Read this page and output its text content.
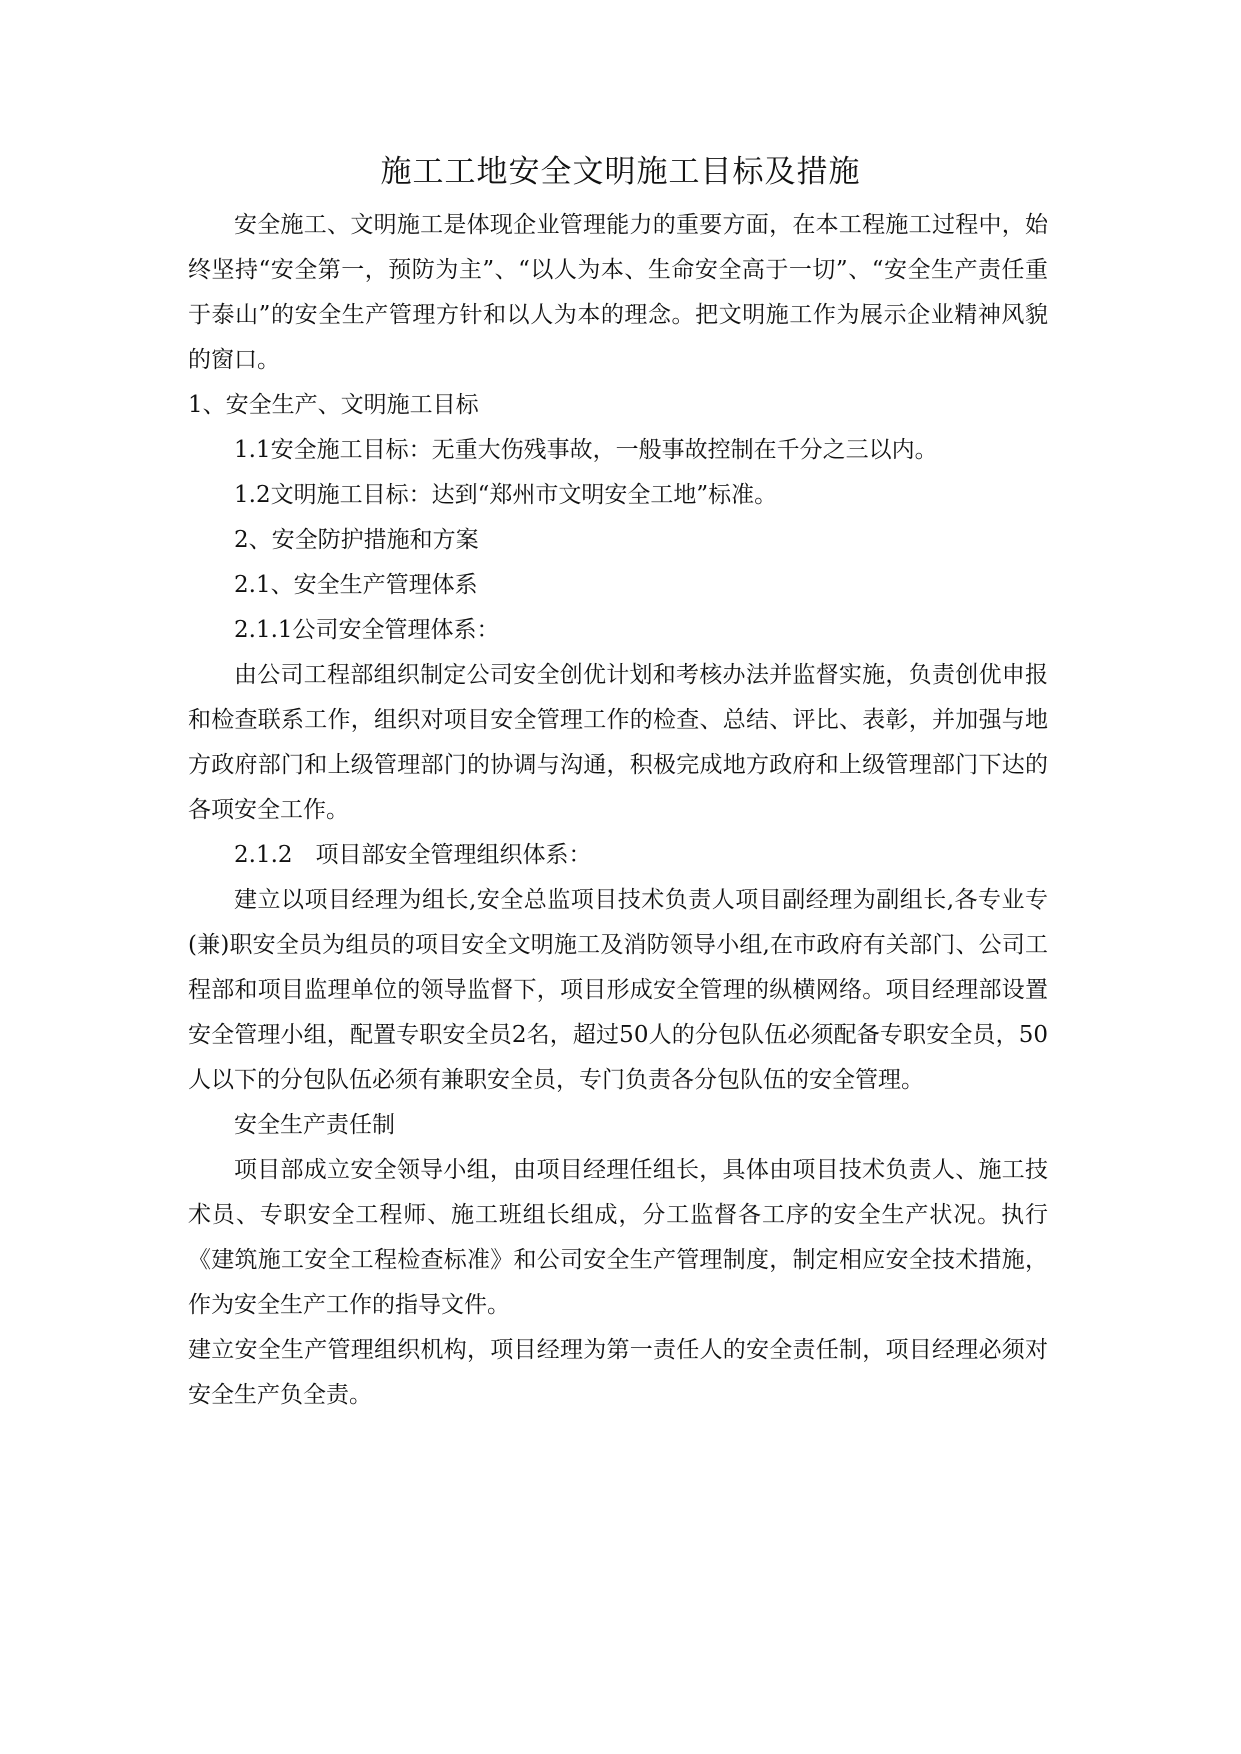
施工工地安全文明施工目标及措施

安全施工、文明施工是体现企业管理能力的重要方面，在本工程施工过程中，始终坚持“安全第一，预防为主”、“以人为本、生命安全高于一切”、“安全生产责任重于泰山”的安全生产管理方针和以人为本的理念。把文明施工作为展示企业精神风貌的窗口。

1、安全生产、文明施工目标

1.1安全施工目标：无重大伤残事故，一般事故控制在千分之三以内。

1.2文明施工目标：达到“郑州市文明安全工地”标准。

2、安全防护措施和方案

2.1、安全生产管理体系

2.1.1公司安全管理体系：

由公司工程部组织制定公司安全创优计划和考核办法并监督实施，负责创优申报和检查联系工作，组织对项目安全管理工作的检查、总结、评比、表彰，并加强与地方政府部门和上级管理部门的协调与沟通，积极完成地方政府和上级管理部门下达的各项安全工作。

2.1.2　项目部安全管理组织体系：

建立以项目经理为组长,安全总监项目技术负责人项目副经理为副组长,各专业专(兼)职安全员为组员的项目安全文明施工及消防领导小组,在市政府有关部门、公司工程部和项目监理单位的领导监督下，项目形成安全管理的纵横网络。项目经理部设置安全管理小组，配置专职安全员2名，超过50人的分包队伍必须配备专职安全员，50人以下的分包队伍必须有兼职安全员，专门负责各分包队伍的安全管理。

安全生产责任制

项目部成立安全领导小组，由项目经理任组长，具体由项目技术负责人、施工技术员、专职安全工程师、施工班组长组成，分工监督各工序的安全生产状况。执行《建筑施工安全工程检查标准》和公司安全生产管理制度，制定相应安全技术措施，作为安全生产工作的指导文件。

建立安全生产管理组织机构，项目经理为第一责任人的安全责任制，项目经理必须对安全生产负全责。
